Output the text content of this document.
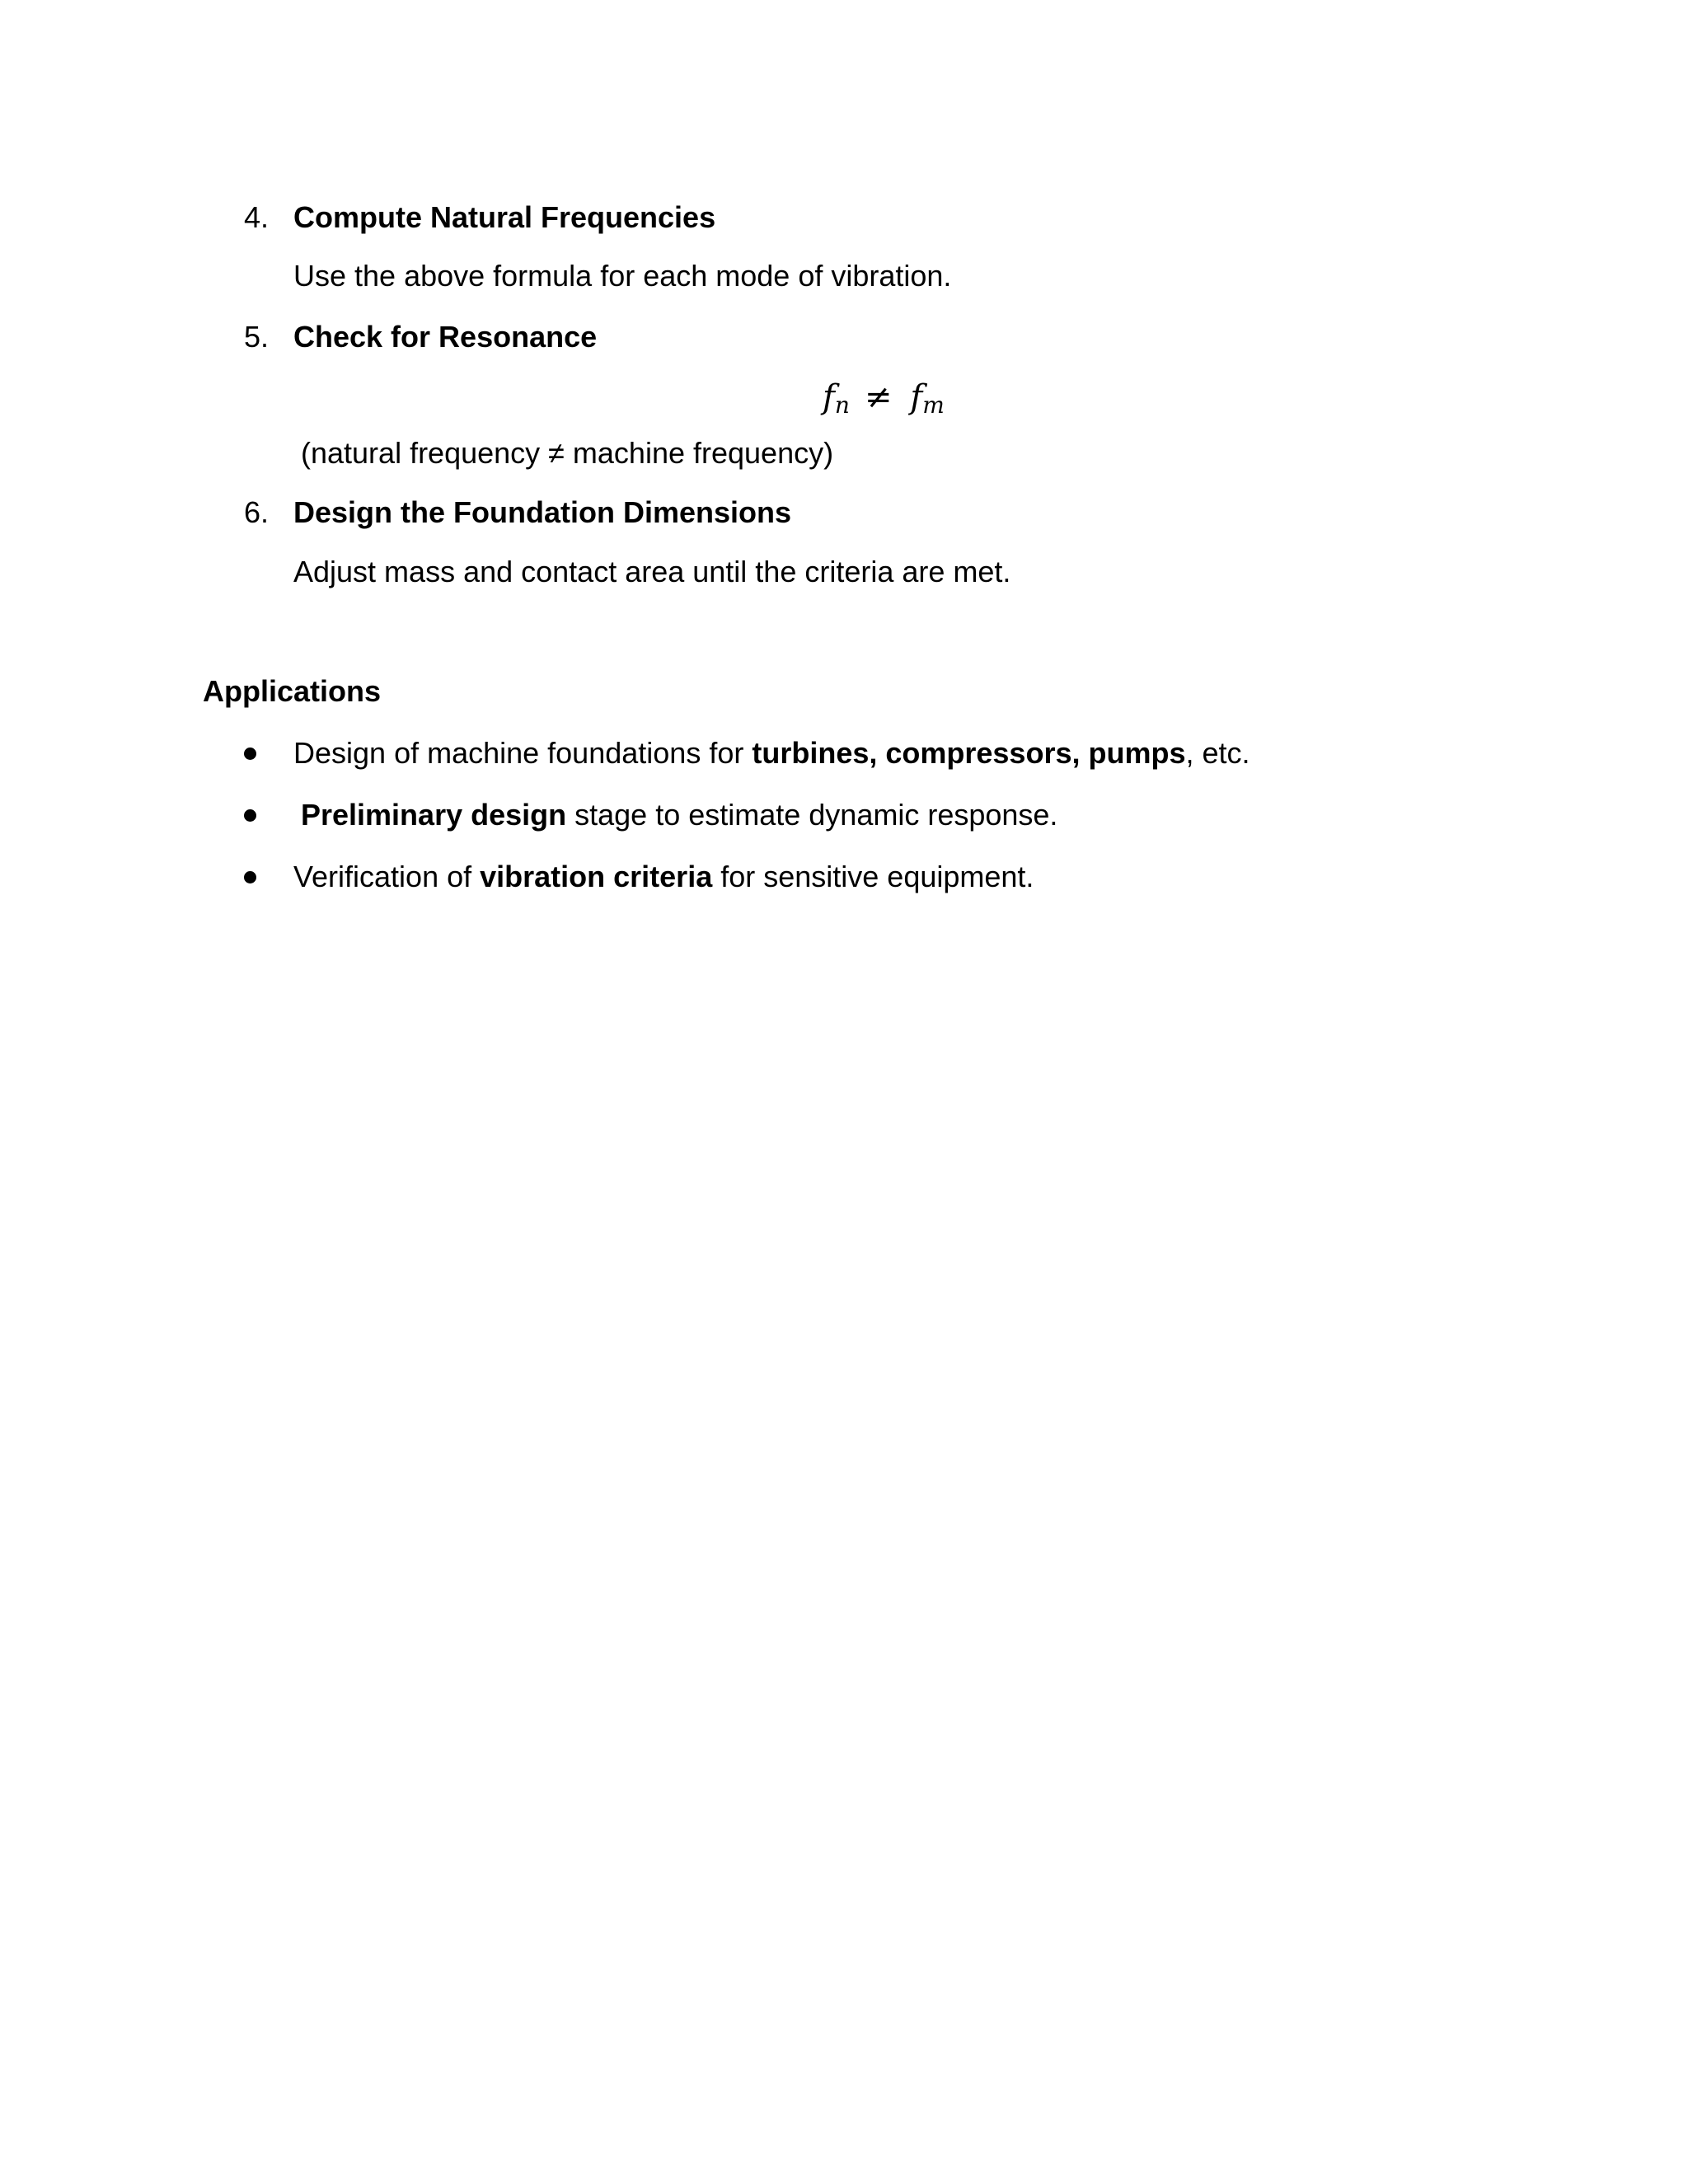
4. Compute Natural Frequencies
Use the above formula for each mode of vibration.
5. Check for Resonance
$f_n \ne f_m$
(natural frequency ≠ machine frequency)
6. Design the Foundation Dimensions
Adjust mass and contact area until the criteria are met.
Applications
Design of machine foundations for turbines, compressors, pumps, etc.
Preliminary design stage to estimate dynamic response.
Verification of vibration criteria for sensitive equipment.
